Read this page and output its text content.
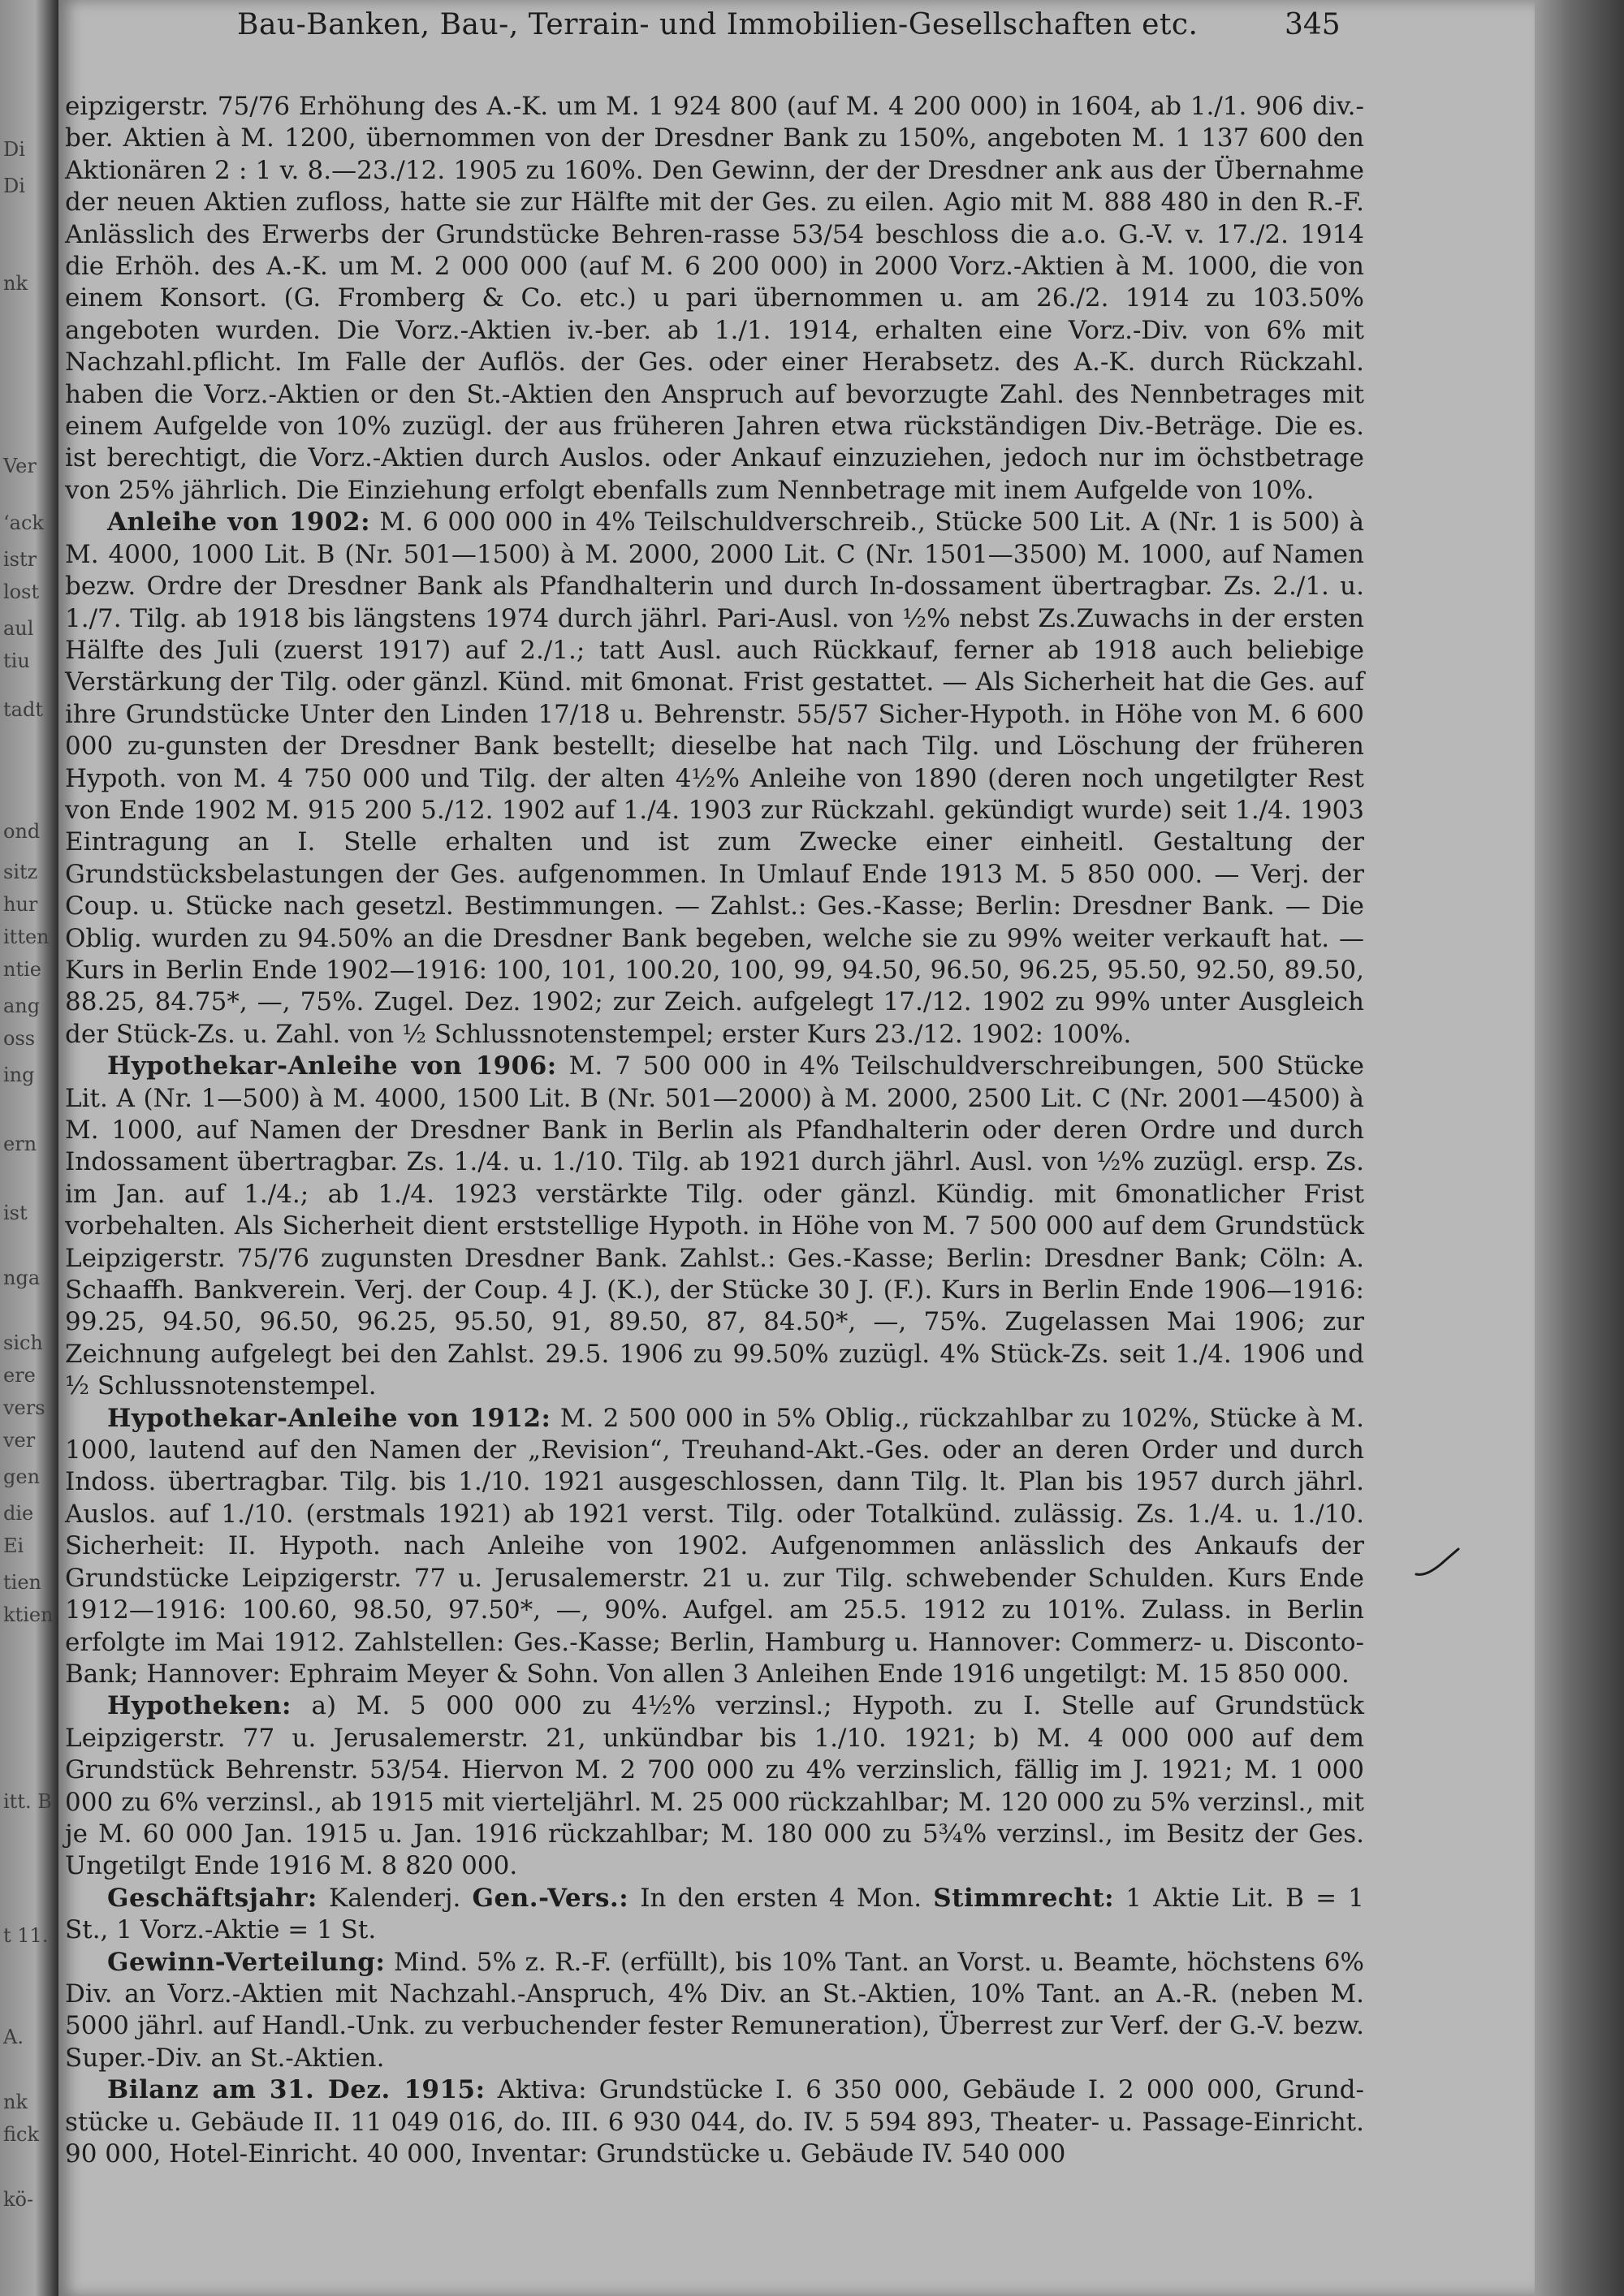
Di
Di
nk
Ver
‘ack
istr
lost
aul
tiu
tadt
ond
sitz
hur
itten
ntie
ang
oss
ing
ern
ist
nga
sich
ere
vers
ver
gen
die
Ei
tien
ktien
itt. B
t 11.
A.
nk
fick
kö-
Bau-Banken, Bau-, Terrain- und Immobilien-Gesellschaften etc.	345

eipzigerstr. 75/76 Erhöhung des A.-K. um M. 1 924 800 (auf M. 4 200 000) in 1604, ab 1./1. 906 div.-ber. Aktien à M. 1200, übernommen von der Dresdner Bank zu 150%, angeboten M. 1 137 600 den Aktionären 2 : 1 v. 8.—23./12. 1905 zu 160%. Den Gewinn, der der Dresdner ank aus der Übernahme der neuen Aktien zufloss, hatte sie zur Hälfte mit der Ges. zu eilen. Agio mit M. 888 480 in den R.-F. Anlässlich des Erwerbs der Grundstücke Behren-rasse 53/54 beschloss die a.o. G.-V. v. 17./2. 1914 die Erhöh. des A.-K. um M. 2 000 000 (auf M. 6 200 000) in 2000 Vorz.-Aktien à M. 1000, die von einem Konsort. (G. Fromberg & Co. etc.) u pari übernommen u. am 26./2. 1914 zu 103.50% angeboten wurden. Die Vorz.-Aktien iv.-ber. ab 1./1. 1914, erhalten eine Vorz.-Div. von 6% mit Nachzahl.pflicht. Im Falle der Auflös. der Ges. oder einer Herabsetz. des A.-K. durch Rückzahl. haben die Vorz.-Aktien or den St.-Aktien den Anspruch auf bevorzugte Zahl. des Nennbetrages mit einem Aufgelde von 10% zuzügl. der aus früheren Jahren etwa rückständigen Div.-Beträge. Die es. ist berechtigt, die Vorz.-Aktien durch Auslos. oder Ankauf einzuziehen, jedoch nur im öchstbetrage von 25% jährlich. Die Einziehung erfolgt ebenfalls zum Nennbetrage mit inem Aufgelde von 10%.

Anleihe von 1902: M. 6 000 000 in 4% Teilschuldverschreib., Stücke 500 Lit. A (Nr. 1 is 500) à M. 4000, 1000 Lit. B (Nr. 501—1500) à M. 2000, 2000 Lit. C (Nr. 1501—3500) M. 1000, auf Namen bezw. Ordre der Dresdner Bank als Pfandhalterin und durch In-dossament übertragbar. Zs. 2./1. u. 1./7. Tilg. ab 1918 bis längstens 1974 durch jährl. Pari-Ausl. von ½% nebst Zs.Zuwachs in der ersten Hälfte des Juli (zuerst 1917) auf 2./1.; tatt Ausl. auch Rückkauf, ferner ab 1918 auch beliebige Verstärkung der Tilg. oder gänzl. Künd. mit 6monat. Frist gestattet. — Als Sicherheit hat die Ges. auf ihre Grundstücke Unter den Linden 17/18 u. Behrenstr. 55/57 Sicher-Hypoth. in Höhe von M. 6 600 000 zu-gunsten der Dresdner Bank bestellt; dieselbe hat nach Tilg. und Löschung der früheren Hypoth. von M. 4 750 000 und Tilg. der alten 4½% Anleihe von 1890 (deren noch ungetilgter Rest von Ende 1902 M. 915 200 5./12. 1902 auf 1./4. 1903 zur Rückzahl. gekündigt wurde) seit 1./4. 1903 Eintragung an I. Stelle erhalten und ist zum Zwecke einer einheitl. Gestaltung der Grundstücksbelastungen der Ges. aufgenommen. In Umlauf Ende 1913 M. 5 850 000. — Verj. der Coup. u. Stücke nach gesetzl. Bestimmungen. — Zahlst.: Ges.-Kasse; Berlin: Dresdner Bank. — Die Oblig. wurden zu 94.50% an die Dresdner Bank begeben, welche sie zu 99% weiter verkauft hat. — Kurs in Berlin Ende 1902—1916: 100, 101, 100.20, 100, 99, 94.50, 96.50, 96.25, 95.50, 92.50, 89.50, 88.25, 84.75*, —, 75%. Zugel. Dez. 1902; zur Zeich. aufgelegt 17./12. 1902 zu 99% unter Ausgleich der Stück-Zs. u. Zahl. von ½ Schlussnotenstempel; erster Kurs 23./12. 1902: 100%.

Hypothekar-Anleihe von 1906: M. 7 500 000 in 4% Teilschuldverschreibungen, 500 Stücke Lit. A (Nr. 1—500) à M. 4000, 1500 Lit. B (Nr. 501—2000) à M. 2000, 2500 Lit. C (Nr. 2001—4500) à M. 1000, auf Namen der Dresdner Bank in Berlin als Pfandhalterin oder deren Ordre und durch Indossament übertragbar. Zs. 1./4. u. 1./10. Tilg. ab 1921 durch jährl. Ausl. von ½% zuzügl. ersp. Zs. im Jan. auf 1./4.; ab 1./4. 1923 verstärkte Tilg. oder gänzl. Kündig. mit 6monatlicher Frist vorbehalten. Als Sicherheit dient erststellige Hypoth. in Höhe von M. 7 500 000 auf dem Grundstück Leipzigerstr. 75/76 zugunsten Dresdner Bank. Zahlst.: Ges.-Kasse; Berlin: Dresdner Bank; Cöln: A. Schaaffh. Bankverein. Verj. der Coup. 4 J. (K.), der Stücke 30 J. (F.). Kurs in Berlin Ende 1906—1916: 99.25, 94.50, 96.50, 96.25, 95.50, 91, 89.50, 87, 84.50*, —, 75%. Zugelassen Mai 1906; zur Zeichnung aufgelegt bei den Zahlst. 29.5. 1906 zu 99.50% zuzügl. 4% Stück-Zs. seit 1./4. 1906 und ½ Schlussnotenstempel.

Hypothekar-Anleihe von 1912: M. 2 500 000 in 5% Oblig., rückzahlbar zu 102%, Stücke à M. 1000, lautend auf den Namen der „Revision“, Treuhand-Akt.-Ges. oder an deren Order und durch Indoss. übertragbar. Tilg. bis 1./10. 1921 ausgeschlossen, dann Tilg. lt. Plan bis 1957 durch jährl. Auslos. auf 1./10. (erstmals 1921) ab 1921 verst. Tilg. oder Totalkünd. zulässig. Zs. 1./4. u. 1./10. Sicherheit: II. Hypoth. nach Anleihe von 1902. Aufgenommen anlässlich des Ankaufs der Grundstücke Leipzigerstr. 77 u. Jerusalemerstr. 21 u. zur Tilg. schwebender Schulden. Kurs Ende 1912—1916: 100.60, 98.50, 97.50*, —, 90%. Aufgel. am 25.5. 1912 zu 101%. Zulass. in Berlin erfolgte im Mai 1912. Zahlstellen: Ges.-Kasse; Berlin, Hamburg u. Hannover: Commerz- u. Disconto-Bank; Hannover: Ephraim Meyer & Sohn. Von allen 3 Anleihen Ende 1916 ungetilgt: M. 15 850 000.

Hypotheken: a) M. 5 000 000 zu 4½% verzinsl.; Hypoth. zu I. Stelle auf Grundstück Leipzigerstr. 77 u. Jerusalemerstr. 21, unkündbar bis 1./10. 1921; b) M. 4 000 000 auf dem Grundstück Behrenstr. 53/54. Hiervon M. 2 700 000 zu 4% verzinslich, fällig im J. 1921; M. 1 000 000 zu 6% verzinsl., ab 1915 mit vierteljährl. M. 25 000 rückzahlbar; M. 120 000 zu 5% verzinsl., mit je M. 60 000 Jan. 1915 u. Jan. 1916 rückzahlbar; M. 180 000 zu 5¾% verzinsl., im Besitz der Ges. Ungetilgt Ende 1916 M. 8 820 000.

Geschäftsjahr: Kalenderj. Gen.-Vers.: In den ersten 4 Mon. Stimmrecht: 1 Aktie Lit. B = 1 St., 1 Vorz.-Aktie = 1 St.

Gewinn-Verteilung: Mind. 5% z. R.-F. (erfüllt), bis 10% Tant. an Vorst. u. Beamte, höchstens 6% Div. an Vorz.-Aktien mit Nachzahl.-Anspruch, 4% Div. an St.-Aktien, 10% Tant. an A.-R. (neben M. 5000 jährl. auf Handl.-Unk. zu verbuchender fester Remuneration), Überrest zur Verf. der G.-V. bezw. Super.-Div. an St.-Aktien.

Bilanz am 31. Dez. 1915: Aktiva: Grundstücke I. 6 350 000, Gebäude I. 2 000 000, Grund-stücke u. Gebäude II. 11 049 016, do. III. 6 930 044, do. IV. 5 594 893, Theater- u. Passage-Einricht. 90 000, Hotel-Einricht. 40 000, Inventar: Grundstücke u. Gebäude IV. 540 000
